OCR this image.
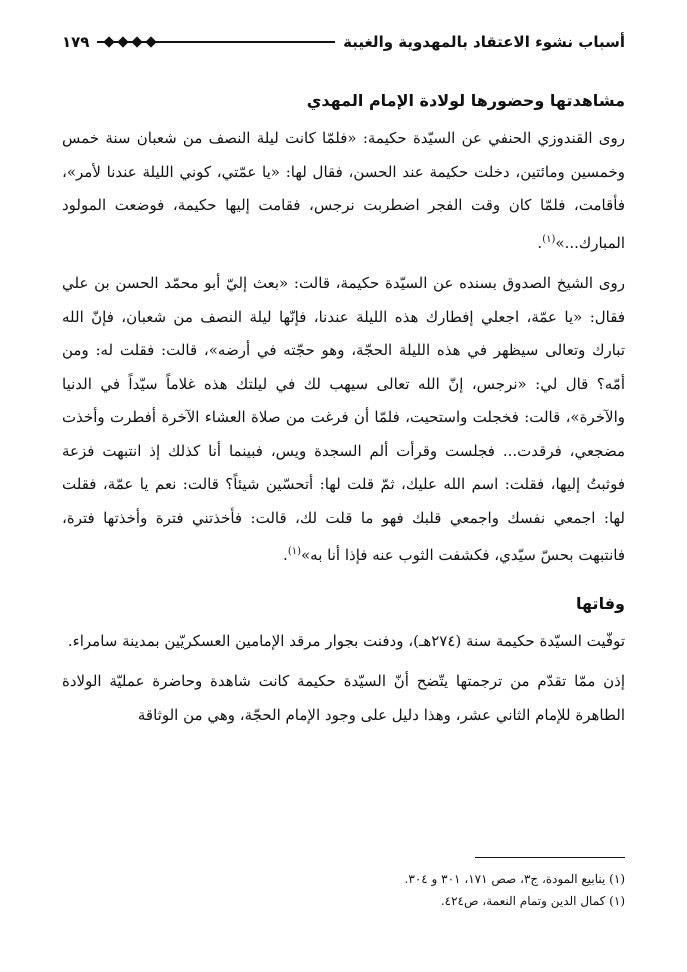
أسباب نشوء الاعتقاد بالمهدوية والغيبة
١٧٩
مشاهدتها وحضورها لولادة الإمام المهدي

روى القندوزي الحنفي عن السيّدة حكيمة: «فلمّا كانت ليلة النصف من شعبان سنة خمس وخمسين ومائتين، دخلت حكيمة عند الحسن، فقال لها: «يا عمّتي، كوني الليلة عندنا لأمر»، فأقامت، فلمّا كان وقت الفجر اضطربت نرجس، فقامت إليها حكيمة، فوضعت المولود المبارك...»$^{(١)}$.

روى الشيخ الصدوق بسنده عن السيّدة حكيمة، قالت: «بعث إليّ أبو محمّد الحسن بن علي فقال: «يا عمّة، اجعلي إفطارك هذه الليلة عندنا، فإنّها ليلة النصف من شعبان، فإنّ الله تبارك وتعالى سيظهر في هذه الليلة الحجّة، وهو حجّته في أرضه»، قالت: فقلت له: ومن أمّه؟ قال لي: «نرجس، إنّ الله تعالى سيهب لك في ليلتك هذه غلاماً سيّداً في الدنيا والآخرة»، قالت: فخجلت واستحيت، فلمّا أن فرغت من صلاة العشاء الآخرة أفطرت وأخذت مضجعي، فرقدت... فجلست وقرأت ألم السجدة ويس، فبينما أنا كذلك إذ انتبهت فزعة فوثبتُ إليها، فقلت: اسم الله عليك، ثمّ قلت لها: أتحسّين شيئاً؟ قالت: نعم يا عمّة، فقلت لها: اجمعي نفسك واجمعي قلبك فهو ما قلت لك، قالت: فأخذتني فترة وأخذتها فترة، فانتبهت بحسّ سيّدي، فكشفت الثوب عنه فإذا أنا به»$^{(١)}$.

وفاتها

توفّيت السيّدة حكيمة سنة (٢٧٤هـ)، ودفنت بجوار مرقد الإمامين العسكريّين بمدينة سامراء.

إذن ممّا تقدّم من ترجمتها يتّضح أنّ السيّدة حكيمة كانت شاهدة وحاضرة عمليّة الولادة الطاهرة للإمام الثاني عشر، وهذا دليل على وجود الإمام الحجّة، وهي من الوثاقة

(١) ينابيع المودة، ج٣، صص ١٧١، ٣٠١ و ٣٠٤.
(١) كمال الدين وتمام النعمة، ص٤٢٤.
